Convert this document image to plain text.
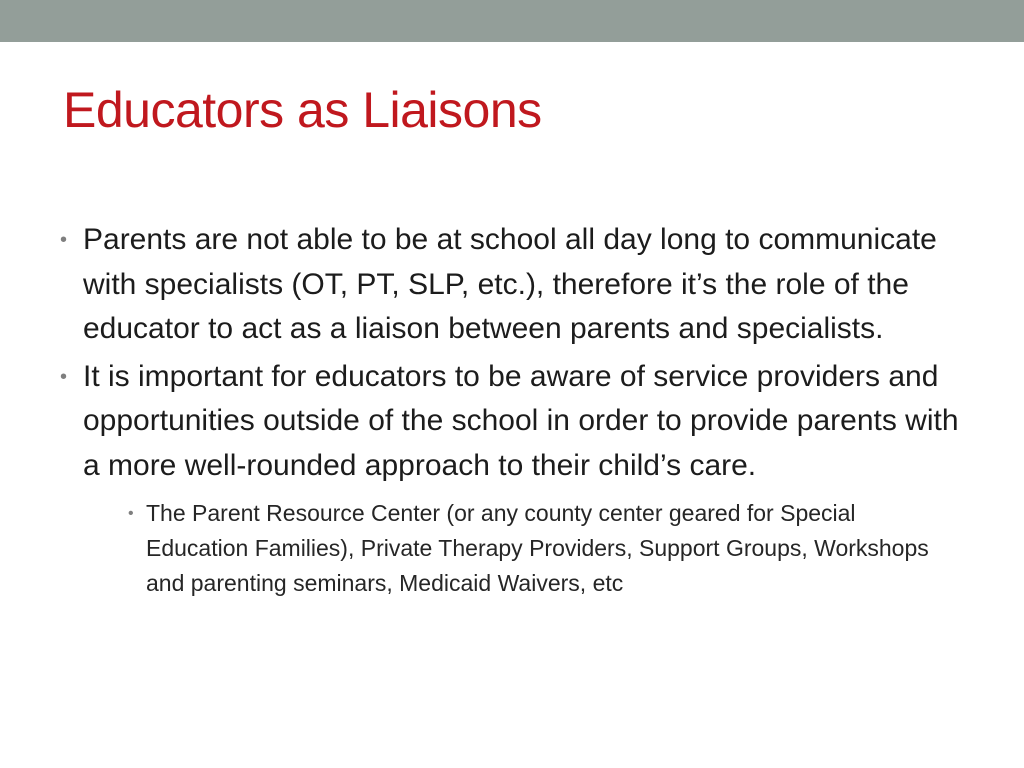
Educators as Liaisons
• Parents are not able to be at school all day long to communicate with specialists (OT, PT, SLP, etc.), therefore it’s the role of the educator to act as a liaison between parents and specialists.
• It is important for educators to be aware of service providers and opportunities outside of the school in order to provide parents with a more well-rounded approach to their child’s care.
• The Parent Resource Center (or any county center geared for Special Education Families), Private Therapy Providers, Support Groups, Workshops and parenting seminars, Medicaid Waivers, etc
